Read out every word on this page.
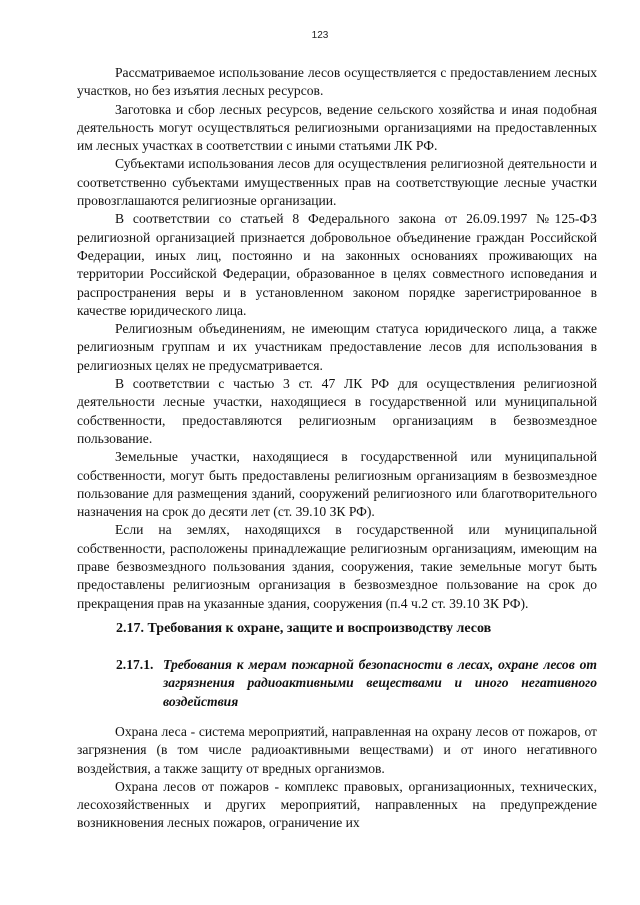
123

Рассматриваемое использование лесов осуществляется с предоставлением лесных участков, но без изъятия лесных ресурсов.

Заготовка и сбор лесных ресурсов, ведение сельского хозяйства и иная подобная деятельность могут осуществляться религиозными организациями на предоставленных им лесных участках в соответствии с иными статьями ЛК РФ.

Субъектами использования лесов для осуществления религиозной деятельности и соответственно субъектами имущественных прав на соответствующие лесные участки провозглашаются религиозные организации.

В соответствии со статьей 8 Федерального закона от 26.09.1997 №125-ФЗ религиозной организацией признается добровольное объединение граждан Российской Федерации, иных лиц, постоянно и на законных основаниях проживающих на территории Российской Федерации, образованное в целях совместного исповедания и распространения веры и в установленном законом порядке зарегистрированное в качестве юридического лица.

Религиозным объединениям, не имеющим статуса юридического лица, а также религиозным группам и их участникам предоставление лесов для использования в религиозных целях не предусматривается.

В соответствии с частью 3 ст. 47 ЛК РФ для осуществления религиозной деятельности лесные участки, находящиеся в государственной или муниципальной собственности, предоставляются религиозным организациям в безвозмездное пользование.

Земельные участки, находящиеся в государственной или муниципальной собственности, могут быть предоставлены религиозным организациям в безвозмездное пользование для размещения зданий, сооружений религиозного или благотворительного назначения на срок до десяти лет (ст. 39.10 ЗК РФ).

Если на землях, находящихся в государственной или муниципальной собственности, расположены принадлежащие религиозным организациям, имеющим на праве безвозмездного пользования здания, сооружения, такие земельные могут быть предоставлены религиозным организация в безвозмездное пользование на срок до прекращения прав на указанные здания, сооружения (п.4 ч.2 ст. 39.10 ЗК РФ).

2.17. Требования к охране, защите и воспроизводству лесов
2.17.1. Требования к мерам пожарной безопасности в лесах, охране лесов от загрязнения радиоактивными веществами и иного негативного воздействия

Охрана леса - система мероприятий, направленная на охрану лесов от пожаров, от загрязнения (в том числе радиоактивными веществами) и от иного негативного воздействия, а также защиту от вредных организмов.

Охрана лесов от пожаров - комплекс правовых, организационных, технических, лесохозяйственных и других мероприятий, направленных на предупреждение возникновения лесных пожаров, ограничение их
